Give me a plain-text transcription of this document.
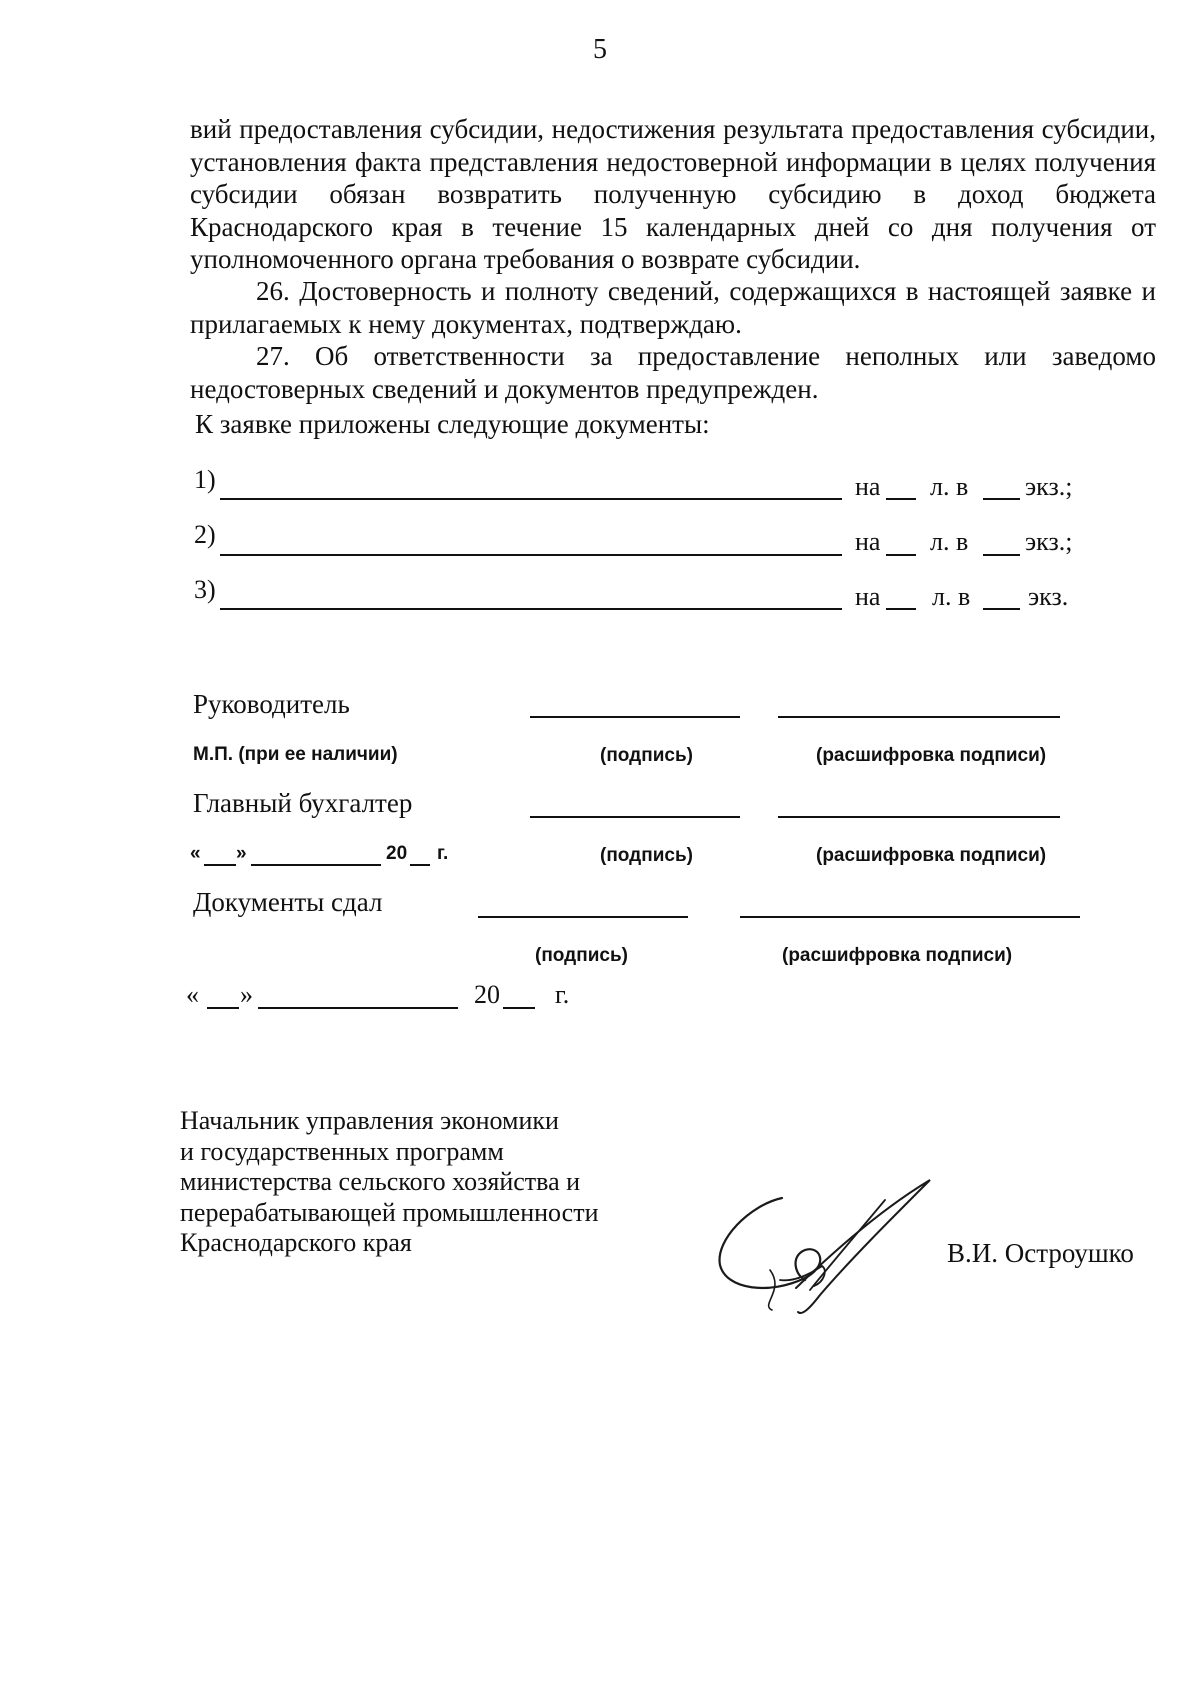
5
вий предоставления субсидии, недостижения результата предоставления субсидии, установления факта представления недостоверной информации в целях получения субсидии обязан возвратить полученную субсидию в доход бюджета Краснодарского края в течение 15 календарных дней со дня получения от уполномоченного органа требования о возврате субсидии.
26. Достоверность и полноту сведений, содержащихся в настоящей заявке и прилагаемых к нему документах, подтверждаю.
27. Об ответственности за предоставление неполных или заведомо недостоверных сведений и документов предупрежден.
К заявке приложены следующие документы:
1)	на л. в экз.;
2)	на л. в экз.;
3)	на л. в экз.
Руководитель
М.П. (при ее наличии)	(подпись)	(расшифровка подписи)
Главный бухгалтер
« »	20 г.	(подпись)	(расшифровка подписи)
Документы сдал
(подпись)	(расшифровка подписи)
« »	20 г.
Начальник управления экономики
и государственных программ
министерства сельского хозяйства и
перерабатывающей промышленности
Краснодарского края	В.И. Остроушко
